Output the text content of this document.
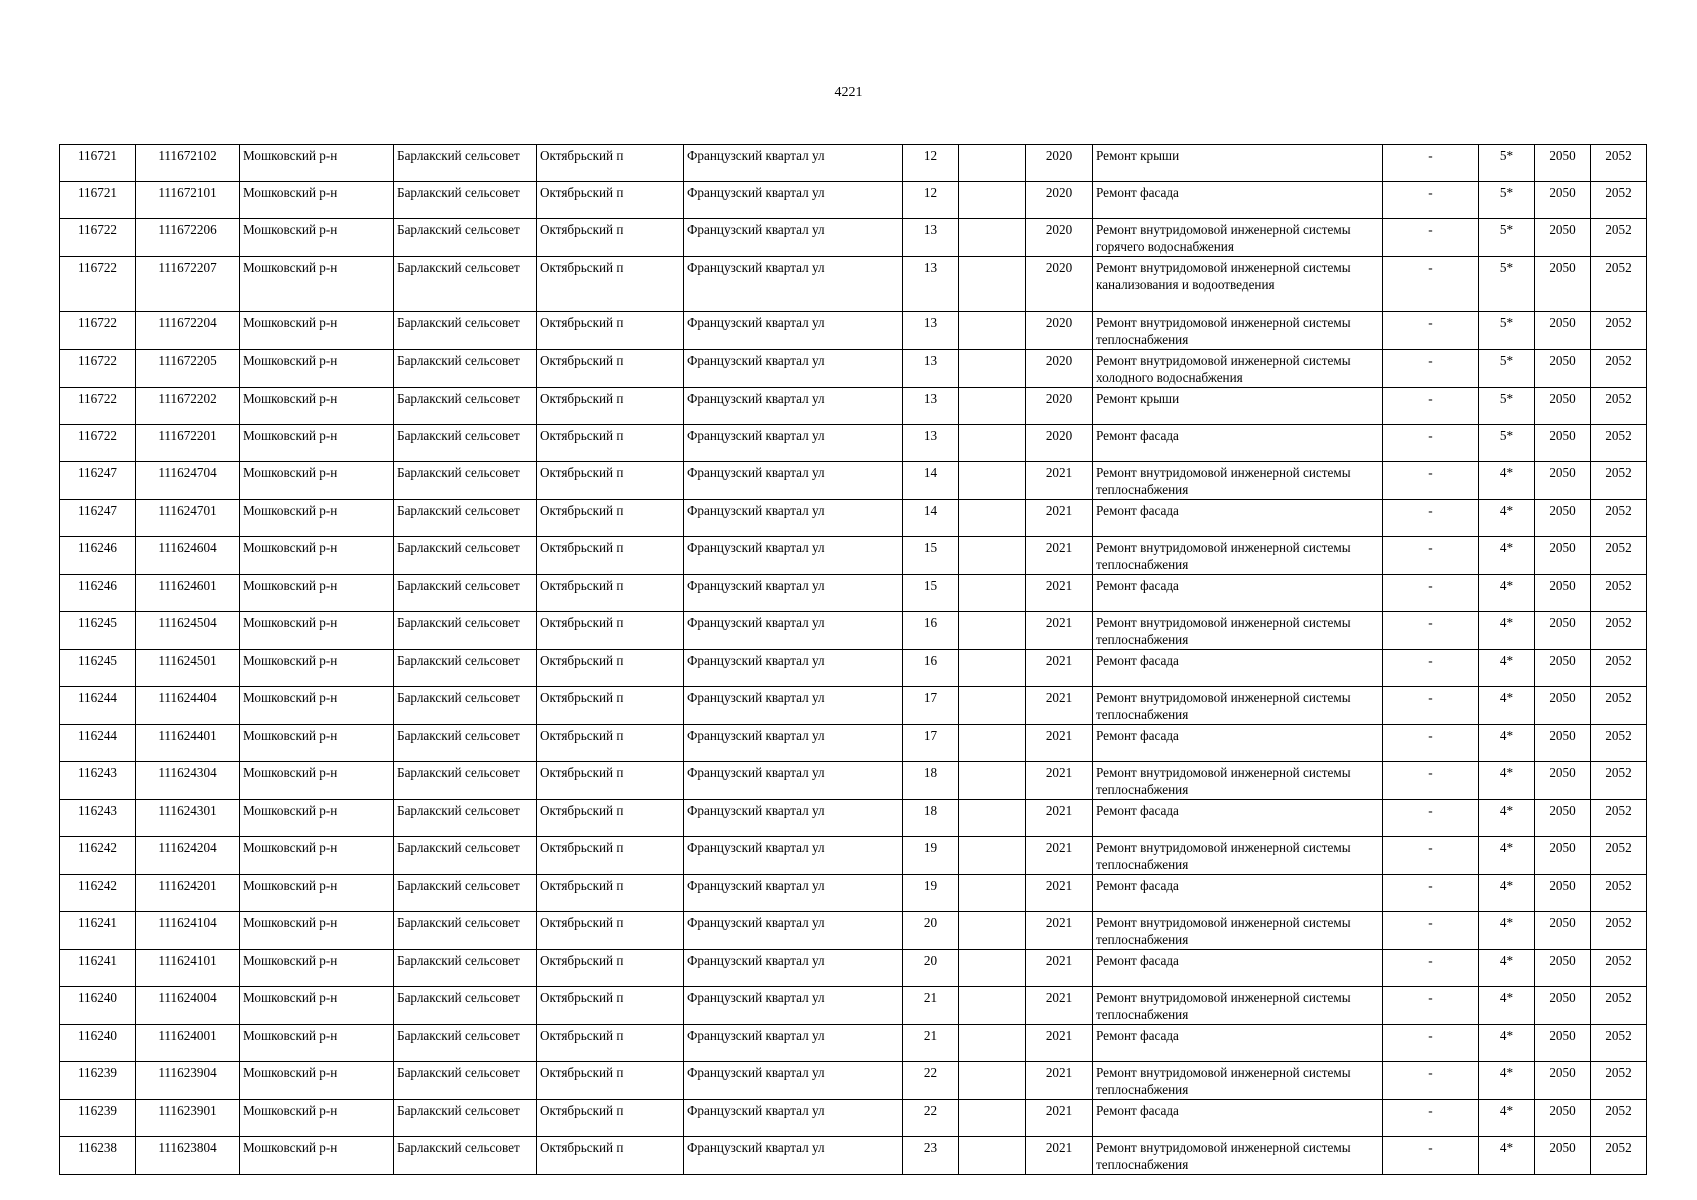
4221
116721	111672102	Мошковский р-н	Барлакский сельсовет	Октябрьский п	Французский квартал ул	12		2020	Ремонт крыши	-	5*	2050	2052
116721	111672101	Мошковский р-н	Барлакский сельсовет	Октябрьский п	Французский квартал ул	12		2020	Ремонт фасада	-	5*	2050	2052
116722	111672206	Мошковский р-н	Барлакский сельсовет	Октябрьский п	Французский квартал ул	13		2020	Ремонт внутридомовой инженерной системы горячего водоснабжения	-	5*	2050	2052
116722	111672207	Мошковский р-н	Барлакский сельсовет	Октябрьский п	Французский квартал ул	13		2020	Ремонт внутридомовой инженерной системы канализования и водоотведения	-	5*	2050	2052
116722	111672204	Мошковский р-н	Барлакский сельсовет	Октябрьский п	Французский квартал ул	13		2020	Ремонт внутридомовой инженерной системы теплоснабжения	-	5*	2050	2052
116722	111672205	Мошковский р-н	Барлакский сельсовет	Октябрьский п	Французский квартал ул	13		2020	Ремонт внутридомовой инженерной системы холодного водоснабжения	-	5*	2050	2052
116722	111672202	Мошковский р-н	Барлакский сельсовет	Октябрьский п	Французский квартал ул	13		2020	Ремонт крыши	-	5*	2050	2052
116722	111672201	Мошковский р-н	Барлакский сельсовет	Октябрьский п	Французский квартал ул	13		2020	Ремонт фасада	-	5*	2050	2052
116247	111624704	Мошковский р-н	Барлакский сельсовет	Октябрьский п	Французский квартал ул	14		2021	Ремонт внутридомовой инженерной системы теплоснабжения	-	4*	2050	2052
116247	111624701	Мошковский р-н	Барлакский сельсовет	Октябрьский п	Французский квартал ул	14		2021	Ремонт фасада	-	4*	2050	2052
116246	111624604	Мошковский р-н	Барлакский сельсовет	Октябрьский п	Французский квартал ул	15		2021	Ремонт внутридомовой инженерной системы теплоснабжения	-	4*	2050	2052
116246	111624601	Мошковский р-н	Барлакский сельсовет	Октябрьский п	Французский квартал ул	15		2021	Ремонт фасада	-	4*	2050	2052
116245	111624504	Мошковский р-н	Барлакский сельсовет	Октябрьский п	Французский квартал ул	16		2021	Ремонт внутридомовой инженерной системы теплоснабжения	-	4*	2050	2052
116245	111624501	Мошковский р-н	Барлакский сельсовет	Октябрьский п	Французский квартал ул	16		2021	Ремонт фасада	-	4*	2050	2052
116244	111624404	Мошковский р-н	Барлакский сельсовет	Октябрьский п	Французский квартал ул	17		2021	Ремонт внутридомовой инженерной системы теплоснабжения	-	4*	2050	2052
116244	111624401	Мошковский р-н	Барлакский сельсовет	Октябрьский п	Французский квартал ул	17		2021	Ремонт фасада	-	4*	2050	2052
116243	111624304	Мошковский р-н	Барлакский сельсовет	Октябрьский п	Французский квартал ул	18		2021	Ремонт внутридомовой инженерной системы теплоснабжения	-	4*	2050	2052
116243	111624301	Мошковский р-н	Барлакский сельсовет	Октябрьский п	Французский квартал ул	18		2021	Ремонт фасада	-	4*	2050	2052
116242	111624204	Мошковский р-н	Барлакский сельсовет	Октябрьский п	Французский квартал ул	19		2021	Ремонт внутридомовой инженерной системы теплоснабжения	-	4*	2050	2052
116242	111624201	Мошковский р-н	Барлакский сельсовет	Октябрьский п	Французский квартал ул	19		2021	Ремонт фасада	-	4*	2050	2052
116241	111624104	Мошковский р-н	Барлакский сельсовет	Октябрьский п	Французский квартал ул	20		2021	Ремонт внутридомовой инженерной системы теплоснабжения	-	4*	2050	2052
116241	111624101	Мошковский р-н	Барлакский сельсовет	Октябрьский п	Французский квартал ул	20		2021	Ремонт фасада	-	4*	2050	2052
116240	111624004	Мошковский р-н	Барлакский сельсовет	Октябрьский п	Французский квартал ул	21		2021	Ремонт внутридомовой инженерной системы теплоснабжения	-	4*	2050	2052
116240	111624001	Мошковский р-н	Барлакский сельсовет	Октябрьский п	Французский квартал ул	21		2021	Ремонт фасада	-	4*	2050	2052
116239	111623904	Мошковский р-н	Барлакский сельсовет	Октябрьский п	Французский квартал ул	22		2021	Ремонт внутридомовой инженерной системы теплоснабжения	-	4*	2050	2052
116239	111623901	Мошковский р-н	Барлакский сельсовет	Октябрьский п	Французский квартал ул	22		2021	Ремонт фасада	-	4*	2050	2052
116238	111623804	Мошковский р-н	Барлакский сельсовет	Октябрьский п	Французский квартал ул	23		2021	Ремонт внутридомовой инженерной системы теплоснабжения	-	4*	2050	2052
